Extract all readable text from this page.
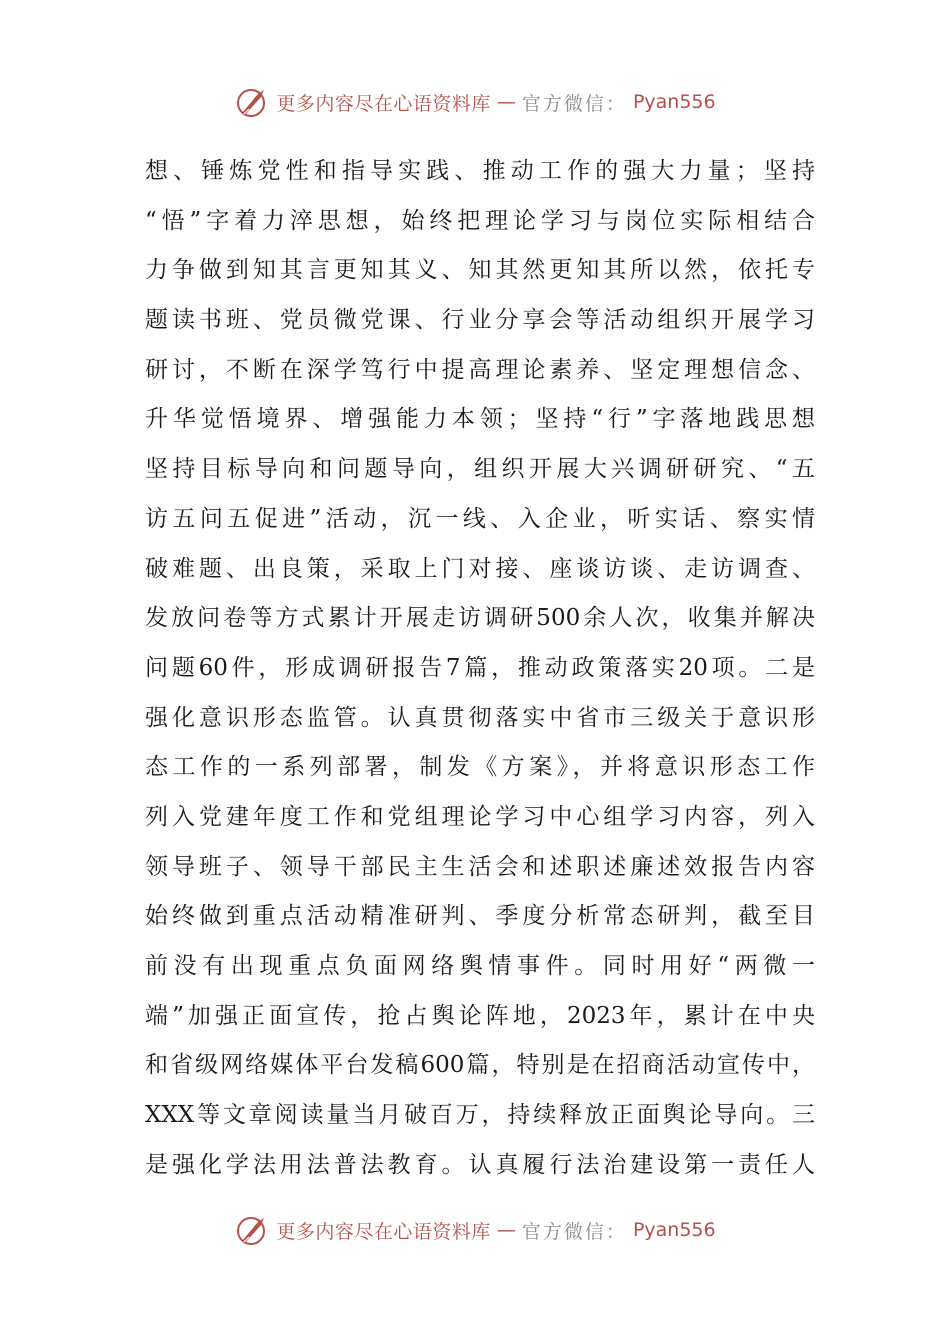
更多内容尽在心语资料库 — 官方微信： Pyan556
想、锤炼党性和指导实践、推动工作的强大力量；坚持
“悟”字着力淬思想，始终把理论学习与岗位实际相结合
力争做到知其言更知其义、知其然更知其所以然，依托专
题读书班、党员微党课、行业分享会等活动组织开展学习
研讨，不断在深学笃行中提高理论素养、坚定理想信念、
升华觉悟境界、增强能力本领；坚持“行”字落地践思想
坚持目标导向和问题导向，组织开展大兴调研研究、“五
访五问五促进”活动，沉一线、入企业，听实话、察实情
破难题、出良策，采取上门对接、座谈访谈、走访调查、
发放问卷等方式累计开展走访调研500余人次，收集并解决
问题60件，形成调研报告7篇，推动政策落实20项。二是
强化意识形态监管。认真贯彻落实中省市三级关于意识形
态工作的一系列部署，制发《方案》，并将意识形态工作
列入党建年度工作和党组理论学习中心组学习内容，列入
领导班子、领导干部民主生活会和述职述廉述效报告内容
始终做到重点活动精准研判、季度分析常态研判，截至目
前没有出现重点负面网络舆情事件。同时用好“两微一
端”加强正面宣传，抢占舆论阵地，2023年，累计在中央
和省级网络媒体平台发稿600篇，特别是在招商活动宣传中，
XXX等文章阅读量当月破百万，持续释放正面舆论导向。三
是强化学法用法普法教育。认真履行法治建设第一责任人
更多内容尽在心语资料库 — 官方微信： Pyan556
